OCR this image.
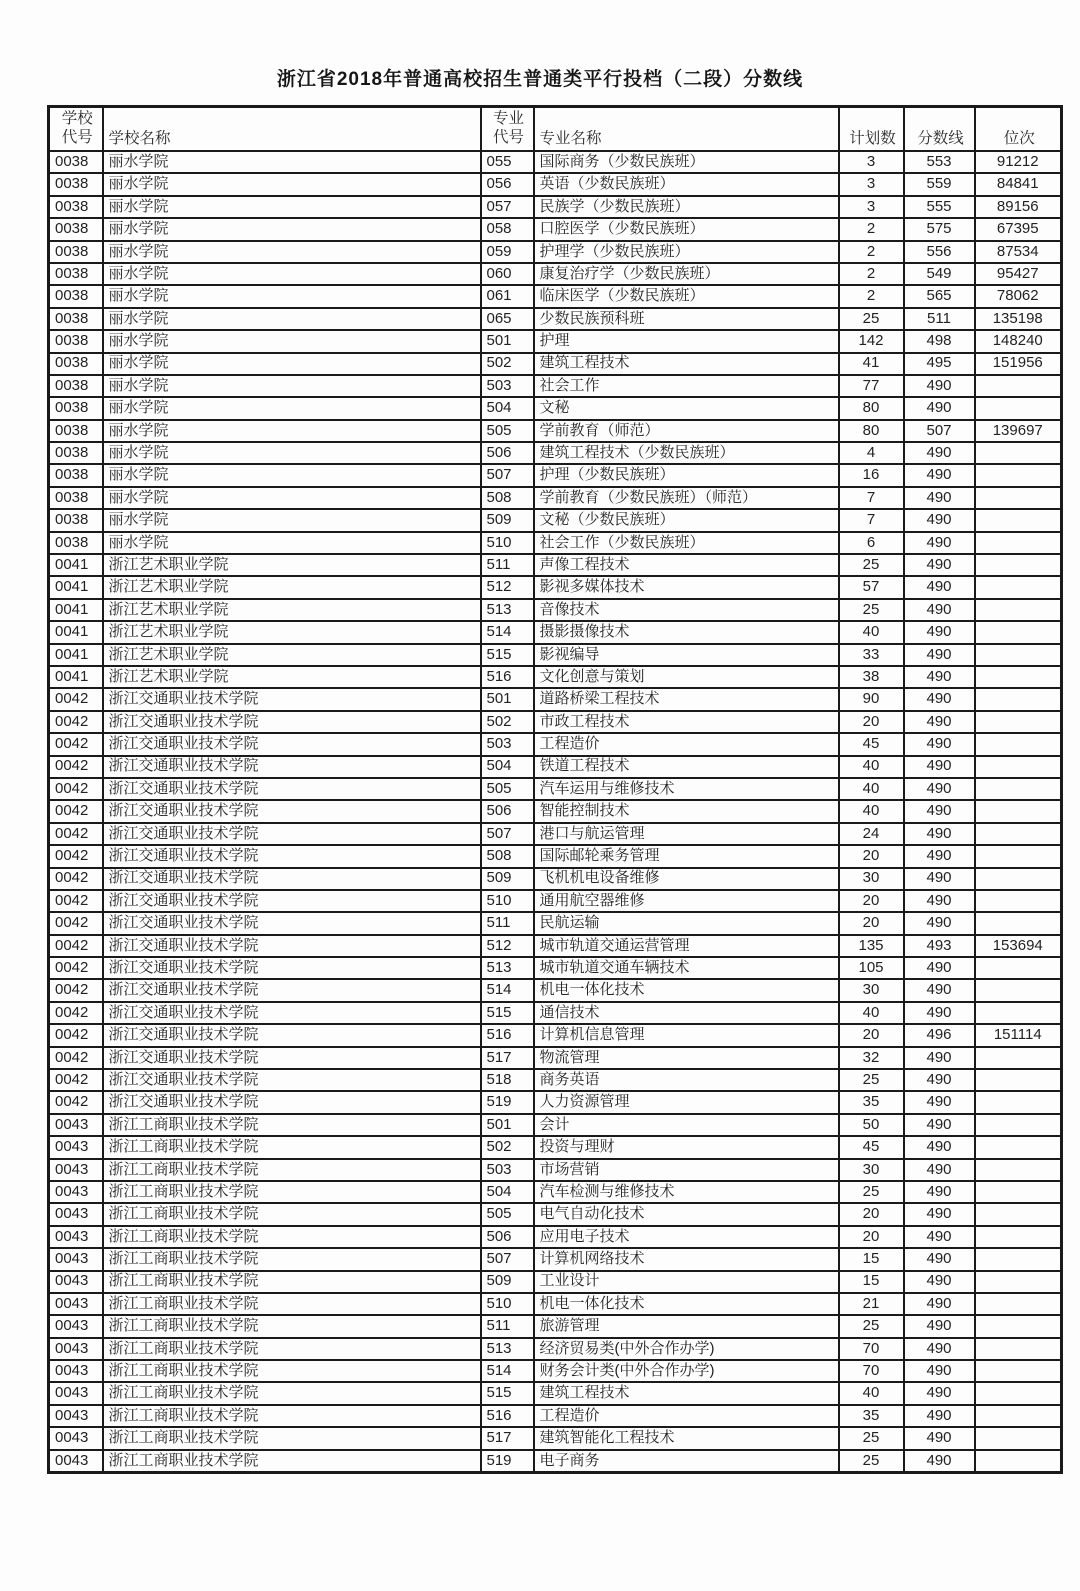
浙江省2018年普通高校招生普通类平行投档（二段）分数线
学校
代号	学校名称	
专业
代号	专业名称	计划数	分数线	位次
0038	丽水学院	055	国际商务（少数民族班）	3	553	91212
0038	丽水学院	056	英语（少数民族班）	3	559	84841
0038	丽水学院	057	民族学（少数民族班）	3	555	89156
0038	丽水学院	058	口腔医学（少数民族班）	2	575	67395
0038	丽水学院	059	护理学（少数民族班）	2	556	87534
0038	丽水学院	060	康复治疗学（少数民族班）	2	549	95427
0038	丽水学院	061	临床医学（少数民族班）	2	565	78062
0038	丽水学院	065	少数民族预科班	25	511	135198
0038	丽水学院	501	护理	142	498	148240
0038	丽水学院	502	建筑工程技术	41	495	151956
0038	丽水学院	503	社会工作	77	490	
0038	丽水学院	504	文秘	80	490	
0038	丽水学院	505	学前教育（师范）	80	507	139697
0038	丽水学院	506	建筑工程技术（少数民族班）	4	490	
0038	丽水学院	507	护理（少数民族班）	16	490	
0038	丽水学院	508	学前教育（少数民族班）（师范）	7	490	
0038	丽水学院	509	文秘（少数民族班）	7	490	
0038	丽水学院	510	社会工作（少数民族班）	6	490	
0041	浙江艺术职业学院	511	声像工程技术	25	490	
0041	浙江艺术职业学院	512	影视多媒体技术	57	490	
0041	浙江艺术职业学院	513	音像技术	25	490	
0041	浙江艺术职业学院	514	摄影摄像技术	40	490	
0041	浙江艺术职业学院	515	影视编导	33	490	
0041	浙江艺术职业学院	516	文化创意与策划	38	490	
0042	浙江交通职业技术学院	501	道路桥梁工程技术	90	490	
0042	浙江交通职业技术学院	502	市政工程技术	20	490	
0042	浙江交通职业技术学院	503	工程造价	45	490	
0042	浙江交通职业技术学院	504	铁道工程技术	40	490	
0042	浙江交通职业技术学院	505	汽车运用与维修技术	40	490	
0042	浙江交通职业技术学院	506	智能控制技术	40	490	
0042	浙江交通职业技术学院	507	港口与航运管理	24	490	
0042	浙江交通职业技术学院	508	国际邮轮乘务管理	20	490	
0042	浙江交通职业技术学院	509	飞机机电设备维修	30	490	
0042	浙江交通职业技术学院	510	通用航空器维修	20	490	
0042	浙江交通职业技术学院	511	民航运输	20	490	
0042	浙江交通职业技术学院	512	城市轨道交通运营管理	135	493	153694
0042	浙江交通职业技术学院	513	城市轨道交通车辆技术	105	490	
0042	浙江交通职业技术学院	514	机电一体化技术	30	490	
0042	浙江交通职业技术学院	515	通信技术	40	490	
0042	浙江交通职业技术学院	516	计算机信息管理	20	496	151114
0042	浙江交通职业技术学院	517	物流管理	32	490	
0042	浙江交通职业技术学院	518	商务英语	25	490	
0042	浙江交通职业技术学院	519	人力资源管理	35	490	
0043	浙江工商职业技术学院	501	会计	50	490	
0043	浙江工商职业技术学院	502	投资与理财	45	490	
0043	浙江工商职业技术学院	503	市场营销	30	490	
0043	浙江工商职业技术学院	504	汽车检测与维修技术	25	490	
0043	浙江工商职业技术学院	505	电气自动化技术	20	490	
0043	浙江工商职业技术学院	506	应用电子技术	20	490	
0043	浙江工商职业技术学院	507	计算机网络技术	15	490	
0043	浙江工商职业技术学院	509	工业设计	15	490	
0043	浙江工商职业技术学院	510	机电一体化技术	21	490	
0043	浙江工商职业技术学院	511	旅游管理	25	490	
0043	浙江工商职业技术学院	513	经济贸易类(中外合作办学)	70	490	
0043	浙江工商职业技术学院	514	财务会计类(中外合作办学)	70	490	
0043	浙江工商职业技术学院	515	建筑工程技术	40	490	
0043	浙江工商职业技术学院	516	工程造价	35	490	
0043	浙江工商职业技术学院	517	建筑智能化工程技术	25	490	
0043	浙江工商职业技术学院	519	电子商务	25	490	
